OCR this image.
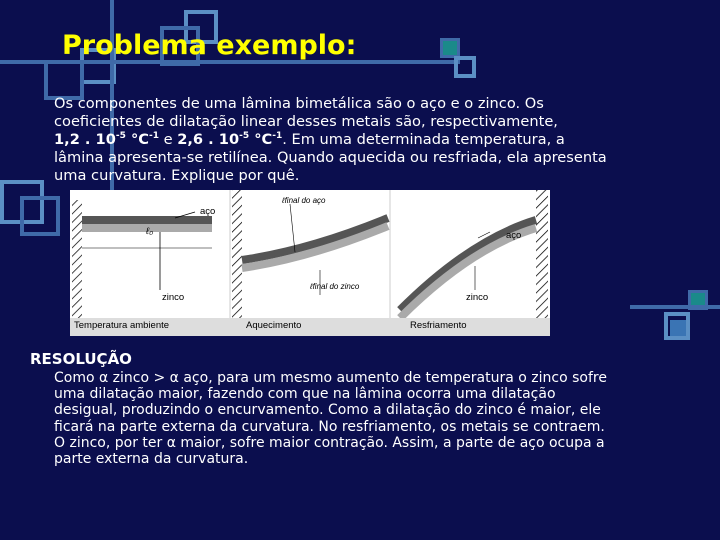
Problema exemplo:
Os componentes de uma lâmina bimetálica são o aço e o zinco. Os coeficientes de dilatação linear desses metais são, respectivamente,
1,2 . $10^{-5}$ $^\circ C^{-1}$ e 2,6 . $10^{-5}$ $^\circ C^{-1}$. Em uma determinada temperatura, a lâmina apresenta-se retilínea. Quando aquecida ou resfriada, ela apresenta uma curvatura. Explique por quê.
aço
ℓ₀
zinco
Temperatura ambiente
ℓfinal do aço
ℓfinal do zinco
Aquecimento
aço
zinco
Resfriamento
RESOLUÇÃO
Como α zinco > α aço, para um mesmo aumento de temperatura o zinco sofre uma dilatação maior, fazendo com que na lâmina ocorra uma dilatação desigual, produzindo o encurvamento. Como a dilatação do zinco é maior, ele ficará na parte externa da curvatura. No resfriamento, os metais se contraem. O zinco, por ter α maior, sofre maior contração. Assim, a parte de aço ocupa a parte externa da curvatura.
